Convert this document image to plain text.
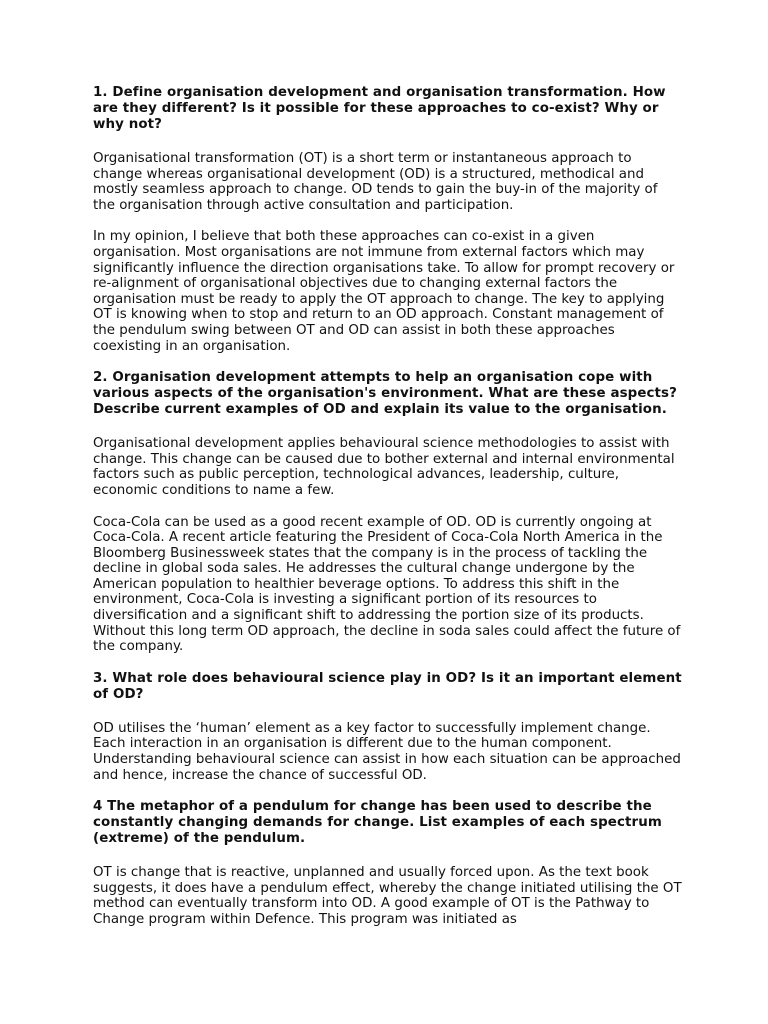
1. Define organisation development and organisation transformation. How are they different? Is it possible for these approaches to co-exist? Why or why not?
Organisational transformation (OT) is a short term or instantaneous approach to change whereas organisational development (OD) is a structured, methodical and mostly seamless approach to change. OD tends to gain the buy-in of the majority of the organisation through active consultation and participation.
In my opinion, I believe that both these approaches can co-exist in a given organisation. Most organisations are not immune from external factors which may significantly influence the direction organisations take. To allow for prompt recovery or re-alignment of organisational objectives due to changing external factors the organisation must be ready to apply the OT approach to change. The key to applying OT is knowing when to stop and return to an OD approach. Constant management of the pendulum swing between OT and OD can assist in both these approaches coexisting in an organisation.
2. Organisation development attempts to help an organisation cope with various aspects of the organisation's environment. What are these aspects? Describe current examples of OD and explain its value to the organisation.
Organisational development applies behavioural science methodologies to assist with change. This change can be caused due to bother external and internal environmental factors such as public perception, technological advances, leadership, culture, economic conditions to name a few.
Coca-Cola can be used as a good recent example of OD. OD is currently ongoing at Coca-Cola. A recent article featuring the President of Coca-Cola North America in the Bloomberg Businessweek states that the company is in the process of tackling the decline in global soda sales. He addresses the cultural change undergone by the American population to healthier beverage options. To address this shift in the environment, Coca-Cola is investing a significant portion of its resources to diversification and a significant shift to addressing the portion size of its products. Without this long term OD approach, the decline in soda sales could affect the future of the company.
3. What role does behavioural science play in OD? Is it an important element of OD?
OD utilises the ‘human’ element as a key factor to successfully implement change. Each interaction in an organisation is different due to the human component. Understanding behavioural science can assist in how each situation can be approached and hence, increase the chance of successful OD.
4 The metaphor of a pendulum for change has been used to describe the constantly changing demands for change. List examples of each spectrum (extreme) of the pendulum.
OT is change that is reactive, unplanned and usually forced upon. As the text book suggests, it does have a pendulum effect, whereby the change initiated utilising the OT method can eventually transform into OD. A good example of OT is the Pathway to Change program within Defence. This program was initiated as
